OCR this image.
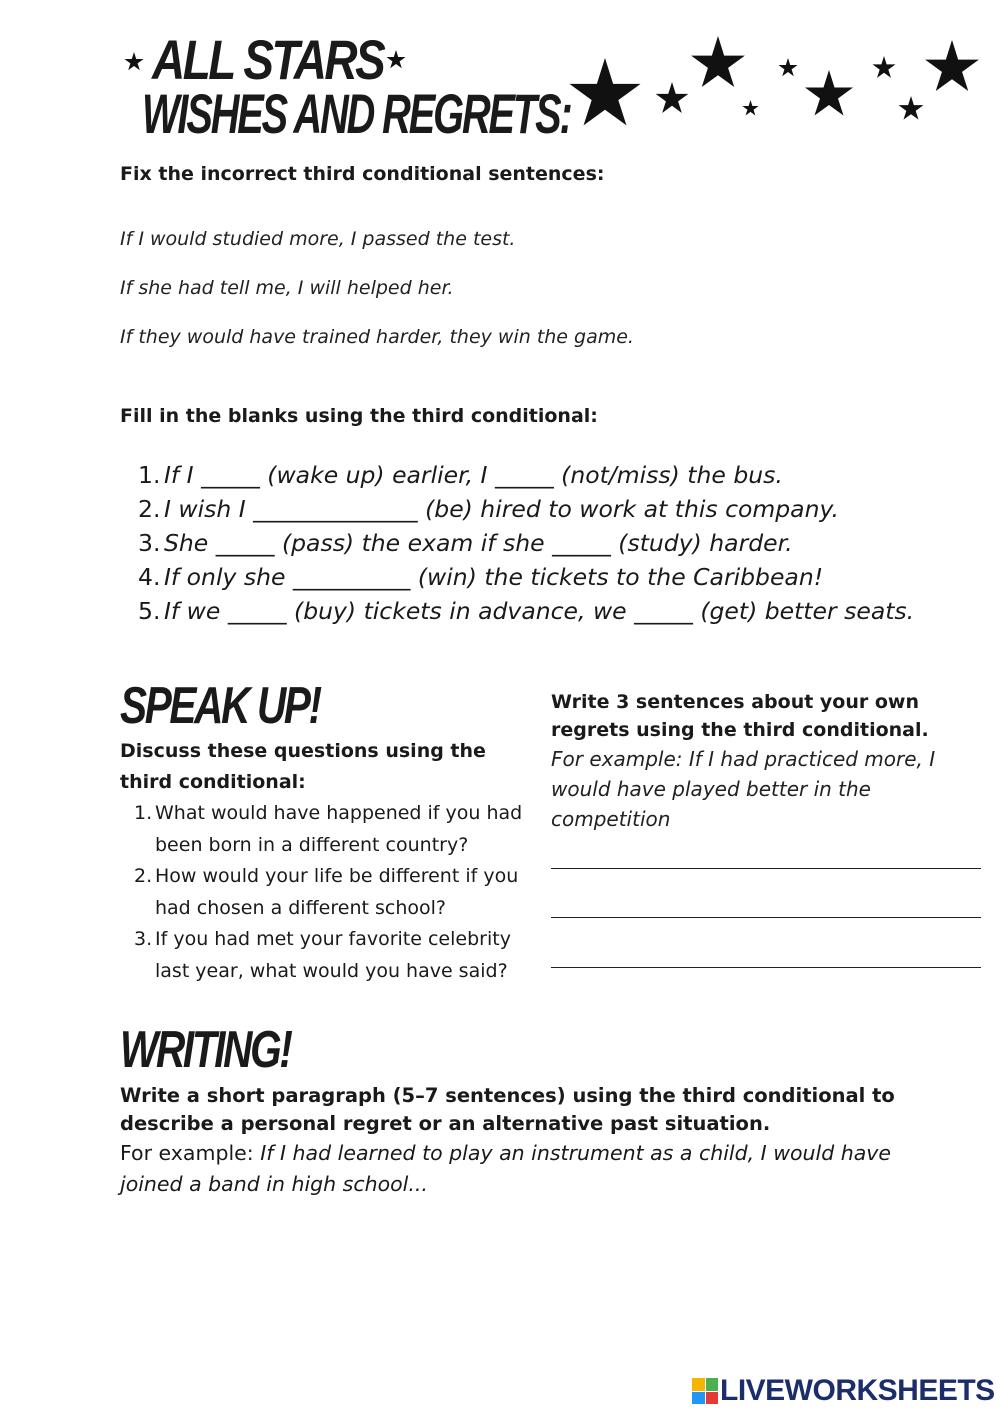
ALL STARS
WISHES AND REGRETS:
Fix the incorrect third conditional sentences:
If I would studied more, I passed the test.
If she had tell me, I will helped her.
If they would have trained harder, they win the game.
Fill in the blanks using the third conditional:
1. If I _____ (wake up) earlier, I _____ (not/miss) the bus.
2. I wish I ______________ (be) hired to work at this company.
3. She _____ (pass) the exam if she _____ (study) harder.
4. If only she __________ (win) the tickets to the Caribbean!
5. If we _____ (buy) tickets in advance, we _____ (get) better seats.
SPEAK UP!
Discuss these questions using the third conditional:
1. What would have happened if you had been born in a different country?
2. How would your life be different if you had chosen a different school?
3. If you had met your favorite celebrity last year, what would you have said?
Write 3 sentences about your own regrets using the third conditional.
For example: If I had practiced more, I would have played better in the competition
WRITING!
Write a short paragraph (5–7 sentences) using the third conditional to describe a personal regret or an alternative past situation.
For example: If I had learned to play an instrument as a child, I would have joined a band in high school...
LIVEWORKSHEETS
